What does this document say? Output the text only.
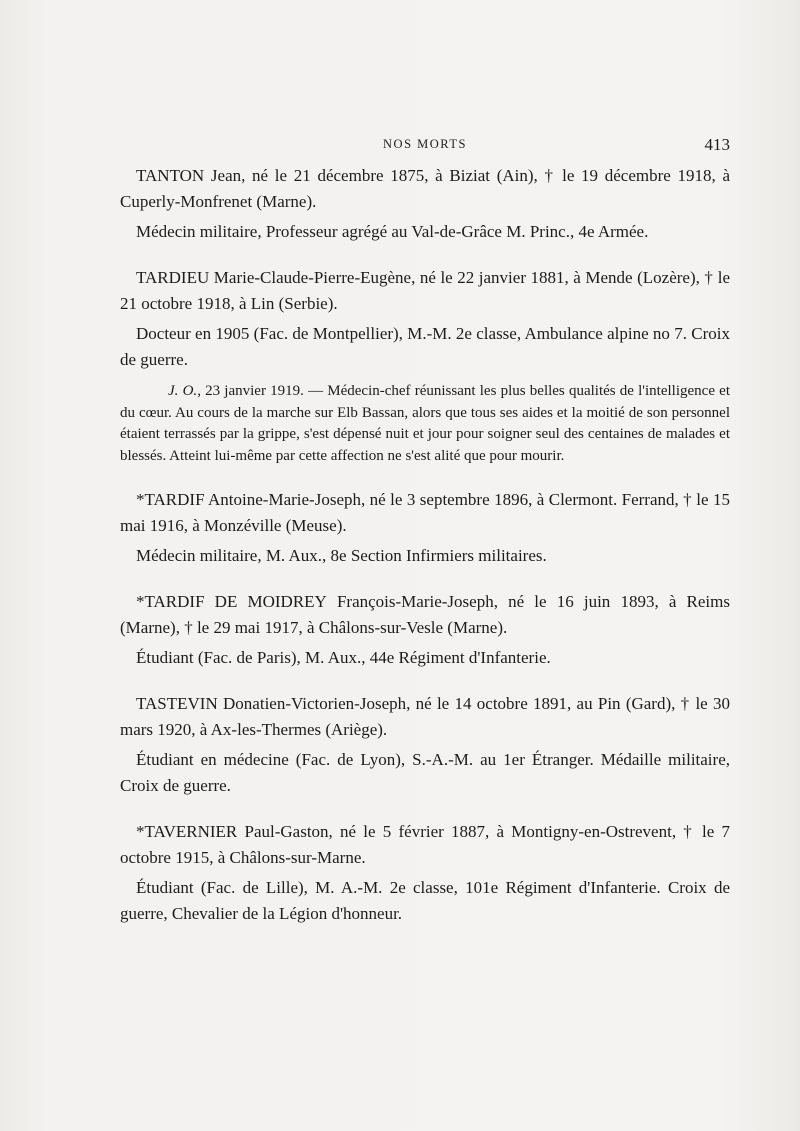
NOS MORTS	413

TANTON Jean, né le 21 décembre 1875, à Biziat (Ain), † le 19 décembre 1918, à Cuperly-Monfrenet (Marne).

Médecin militaire, Professeur agrégé au Val-de-Grâce M. Princ., 4e Armée.

TARDIEU Marie-Claude-Pierre-Eugène, né le 22 janvier 1881, à Mende (Lozère), † le 21 octobre 1918, à Lin (Serbie).

Docteur en 1905 (Fac. de Montpellier), M.-M. 2e classe, Ambulance alpine no 7. Croix de guerre.

J. O., 23 janvier 1919. — Médecin-chef réunissant les plus belles qualités de l'intelligence et du cœur. Au cours de la marche sur Elb Bassan, alors que tous ses aides et la moitié de son personnel étaient terrassés par la grippe, s'est dépensé nuit et jour pour soigner seul des centaines de malades et blessés. Atteint lui-même par cette affection ne s'est alité que pour mourir.

*TARDIF Antoine-Marie-Joseph, né le 3 septembre 1896, à Clermont. Ferrand, † le 15 mai 1916, à Monzéville (Meuse).

Médecin militaire, M. Aux., 8e Section Infirmiers militaires.

*TARDIF DE MOIDREY François-Marie-Joseph, né le 16 juin 1893, à Reims (Marne), † le 29 mai 1917, à Châlons-sur-Vesle (Marne).

Étudiant (Fac. de Paris), M. Aux., 44e Régiment d'Infanterie.

TASTEVIN Donatien-Victorien-Joseph, né le 14 octobre 1891, au Pin (Gard), † le 30 mars 1920, à Ax-les-Thermes (Ariège).

Étudiant en médecine (Fac. de Lyon), S.-A.-M. au 1er Étranger. Médaille militaire, Croix de guerre.

*TAVERNIER Paul-Gaston, né le 5 février 1887, à Montigny-en-Ostrevent, † le 7 octobre 1915, à Châlons-sur-Marne.

Étudiant (Fac. de Lille), M. A.-M. 2e classe, 101e Régiment d'Infanterie. Croix de guerre, Chevalier de la Légion d'honneur.
